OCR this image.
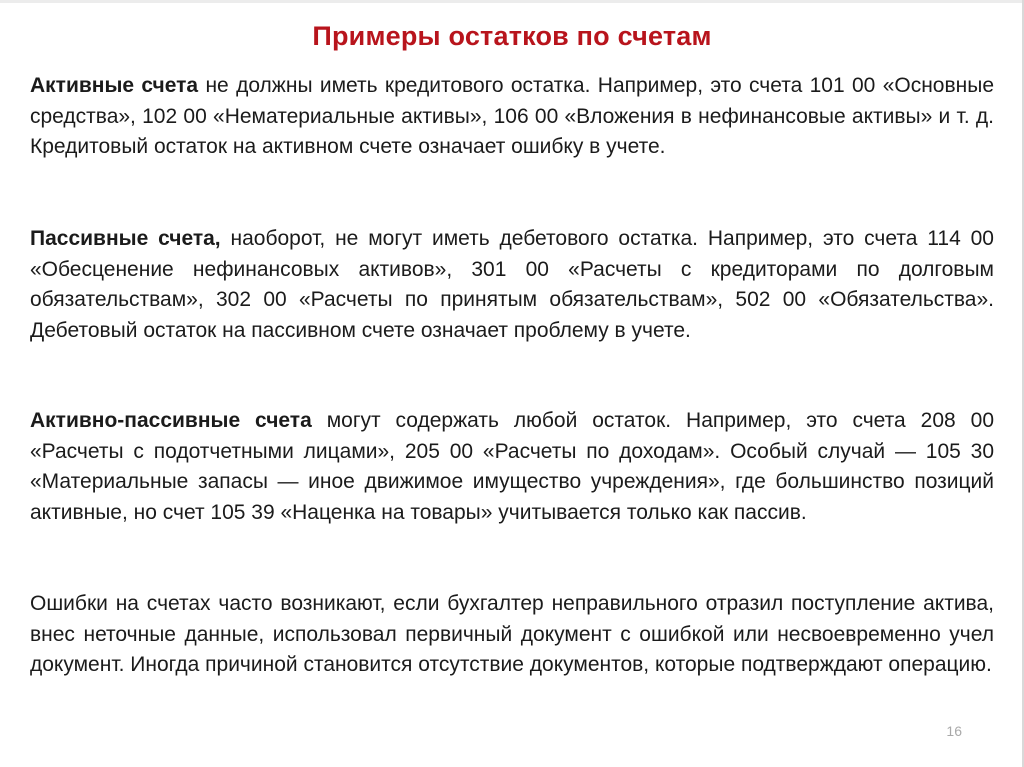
Примеры остатков по счетам

Активные счета не должны иметь кредитового остатка. Например, это счета 101 00 «Основные средства», 102 00 «Нематериальные активы», 106 00 «Вложения в нефинансовые активы» и т. д. Кредитовый остаток на активном счете означает ошибку в учете.

Пассивные счета, наоборот, не могут иметь дебетового остатка. Например, это счета 114 00 «Обесценение нефинансовых активов», 301 00 «Расчеты с кредиторами по долговым обязательствам», 302 00 «Расчеты по принятым обязательствам», 502 00 «Обязательства». Дебетовый остаток на пассивном счете означает проблему в учете.

Активно-пассивные счета могут содержать любой остаток. Например, это счета 208 00 «Расчеты с подотчетными лицами», 205 00 «Расчеты по доходам». Особый случай — 105 30 «Материальные запасы — иное движимое имущество учреждения», где большинство позиций активные, но счет 105 39 «Наценка на товары» учитывается только как пассив.

Ошибки на счетах часто возникают, если бухгалтер неправильного отразил поступление актива, внес неточные данные, использовал первичный документ с ошибкой или несвоевременно учел документ. Иногда причиной становится отсутствие документов, которые подтверждают операцию.

16
